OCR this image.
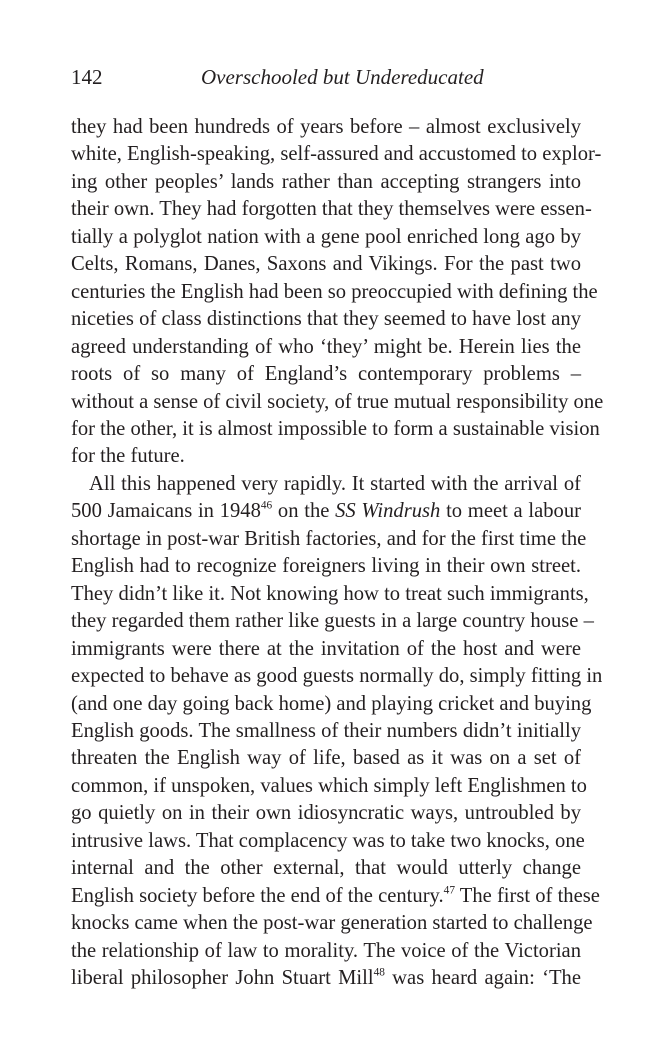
142	Overschooled but Undereducated

they had been hundreds of years before – almost exclusively
white, English-speaking, self-assured and accustomed to explor-
ing other peoples’ lands rather than accepting strangers into
their own. They had forgotten that they themselves were essen-
tially a polyglot nation with a gene pool enriched long ago by
Celts, Romans, Danes, Saxons and Vikings. For the past two
centuries the English had been so preoccupied with defining the
niceties of class distinctions that they seemed to have lost any
agreed understanding of who ‘they’ might be. Herein lies the
roots of so many of England’s contemporary problems –
without a sense of civil society, of true mutual responsibility one
for the other, it is almost impossible to form a sustainable vision
for the future.

All this happened very rapidly. It started with the arrival of
500 Jamaicans in 1948$^{46}$ on the SS Windrush to meet a labour
shortage in post-war British factories, and for the first time the
English had to recognize foreigners living in their own street.
They didn’t like it. Not knowing how to treat such immigrants,
they regarded them rather like guests in a large country house –
immigrants were there at the invitation of the host and were
expected to behave as good guests normally do, simply fitting in
(and one day going back home) and playing cricket and buying
English goods. The smallness of their numbers didn’t initially
threaten the English way of life, based as it was on a set of
common, if unspoken, values which simply left Englishmen to
go quietly on in their own idiosyncratic ways, untroubled by
intrusive laws. That complacency was to take two knocks, one
internal and the other external, that would utterly change
English society before the end of the century.$^{47}$ The first of these
knocks came when the post-war generation started to challenge
the relationship of law to morality. The voice of the Victorian
liberal philosopher John Stuart Mill$^{48}$ was heard again: ‘The
